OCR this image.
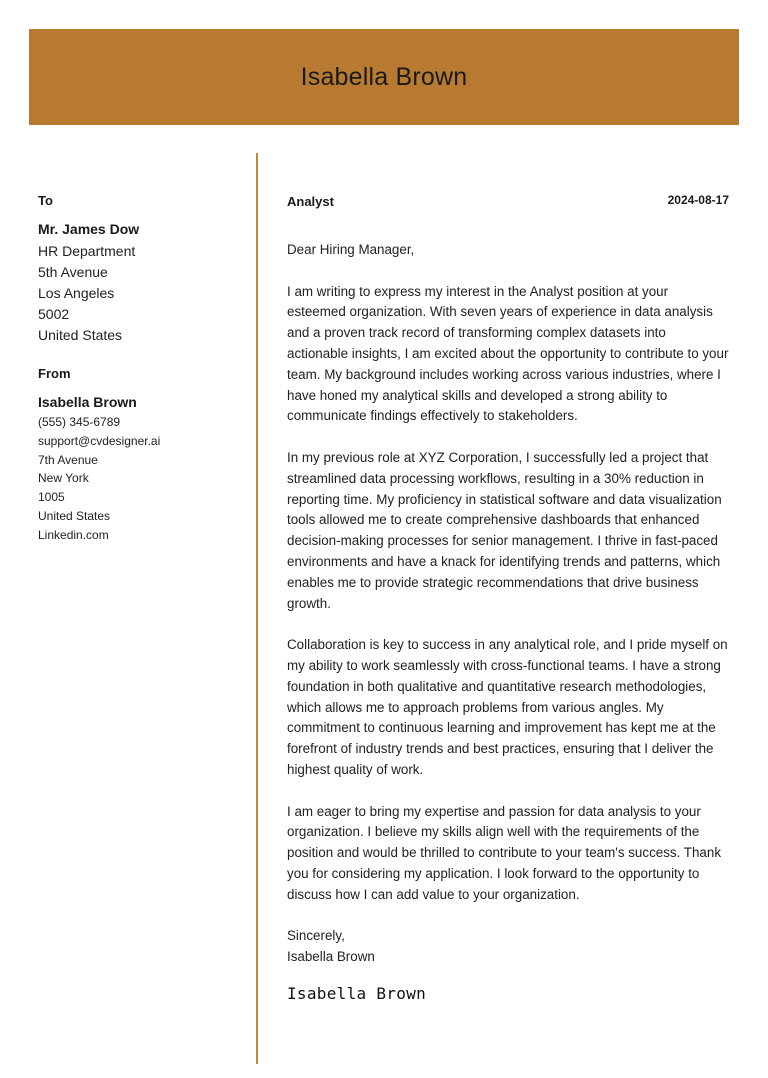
Isabella Brown
To
Mr. James Dow
HR Department
5th Avenue
Los Angeles
5002
United States
From
Isabella Brown
(555) 345-6789
support@cvdesigner.ai
7th Avenue
New York
1005
United States
Linkedin.com
Analyst	2024-08-17

Dear Hiring Manager,

I am writing to express my interest in the Analyst position at your esteemed organization. With seven years of experience in data analysis and a proven track record of transforming complex datasets into actionable insights, I am excited about the opportunity to contribute to your team. My background includes working across various industries, where I have honed my analytical skills and developed a strong ability to communicate findings effectively to stakeholders.

In my previous role at XYZ Corporation, I successfully led a project that streamlined data processing workflows, resulting in a 30% reduction in reporting time. My proficiency in statistical software and data visualization tools allowed me to create comprehensive dashboards that enhanced decision-making processes for senior management. I thrive in fast-paced environments and have a knack for identifying trends and patterns, which enables me to provide strategic recommendations that drive business growth.

Collaboration is key to success in any analytical role, and I pride myself on my ability to work seamlessly with cross-functional teams. I have a strong foundation in both qualitative and quantitative research methodologies, which allows me to approach problems from various angles. My commitment to continuous learning and improvement has kept me at the forefront of industry trends and best practices, ensuring that I deliver the highest quality of work.

I am eager to bring my expertise and passion for data analysis to your organization. I believe my skills align well with the requirements of the position and would be thrilled to contribute to your team's success. Thank you for considering my application. I look forward to the opportunity to discuss how I can add value to your organization.

Sincerely,
Isabella Brown

Isabella Brown
